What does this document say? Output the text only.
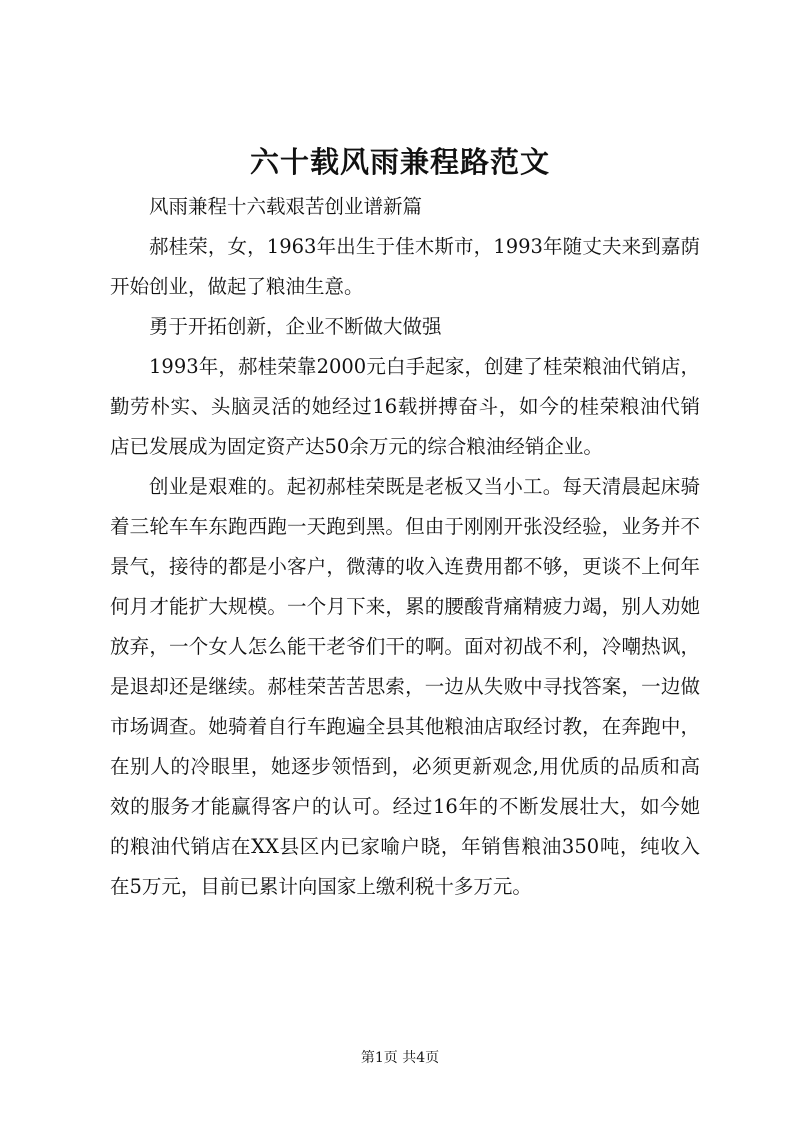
六十载风雨兼程路范文

风雨兼程十六载艰苦创业谱新篇

郝桂荣，女，1963年出生于佳木斯市，1993年随丈夫来到嘉荫开始创业，做起了粮油生意。

勇于开拓创新，企业不断做大做强

1993年，郝桂荣靠2000元白手起家，创建了桂荣粮油代销店，勤劳朴实、头脑灵活的她经过16载拼搏奋斗，如今的桂荣粮油代销店已发展成为固定资产达50余万元的综合粮油经销企业。

创业是艰难的。起初郝桂荣既是老板又当小工。每天清晨起床骑着三轮车车东跑西跑一天跑到黑。但由于刚刚开张没经验，业务并不景气，接待的都是小客户，微薄的收入连费用都不够，更谈不上何年何月才能扩大规模。一个月下来，累的腰酸背痛精疲力竭，别人劝她放弃，一个女人怎么能干老爷们干的啊。面对初战不利，冷嘲热讽，是退却还是继续。郝桂荣苦苦思索，一边从失败中寻找答案，一边做市场调查。她骑着自行车跑遍全县其他粮油店取经讨教，在奔跑中，在别人的冷眼里，她逐步领悟到，必须更新观念,用优质的品质和高效的服务才能赢得客户的认可。经过16年的不断发展壮大，如今她的粮油代销店在XX县区内已家喻户晓，年销售粮油350吨，纯收入在5万元，目前已累计向国家上缴利税十多万元。

第1页 共4页
